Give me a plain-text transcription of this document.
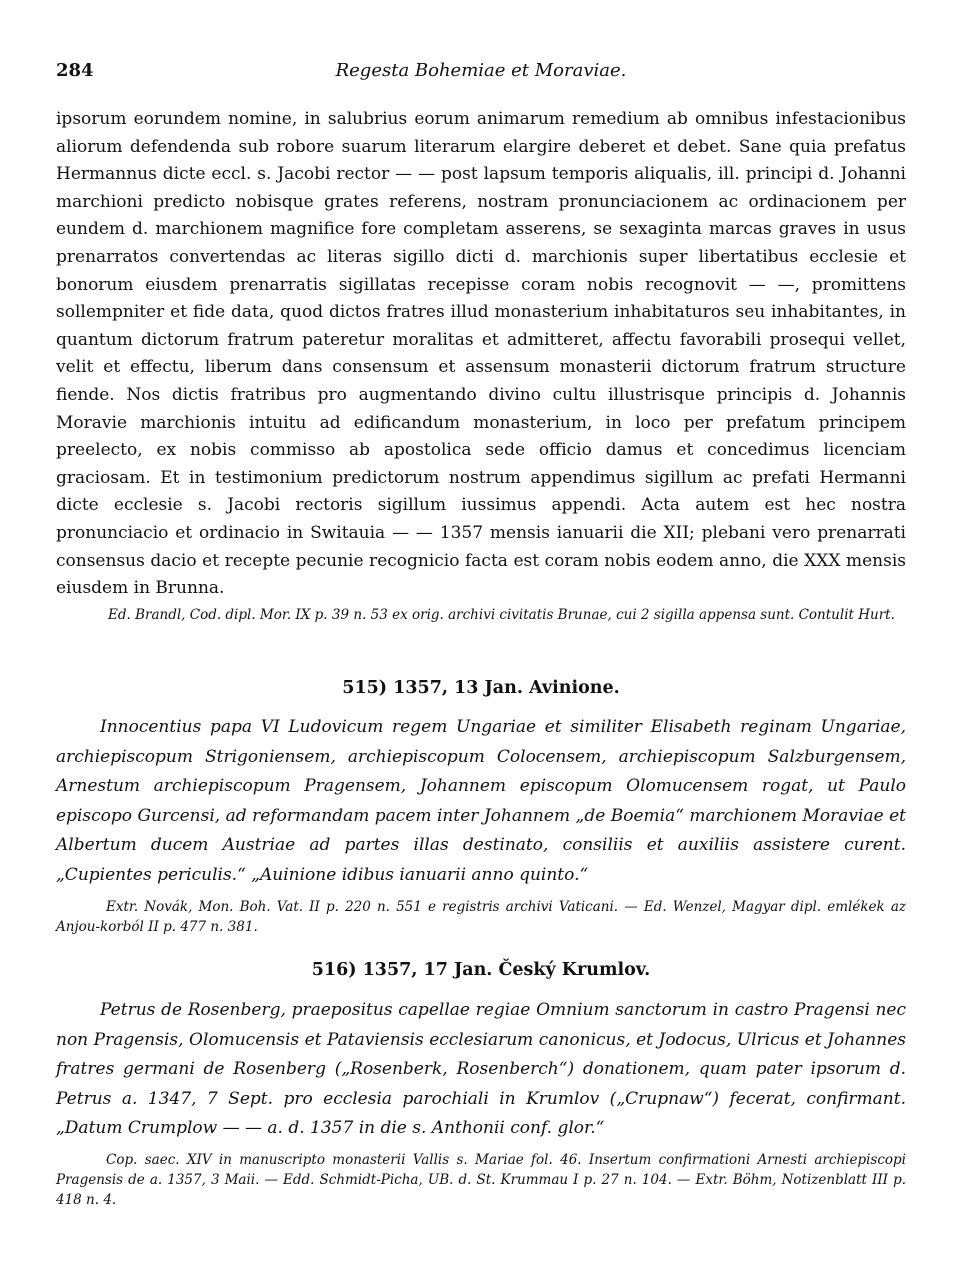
Regesta Bohemiae et Moraviae.
284

ipsorum eorundem nomine, in salubrius eorum animarum remedium ab omnibus infestacionibus aliorum defendenda sub robore suarum literarum elargire deberet et debet. Sane quia prefatus Hermannus dicte eccl. s. Jacobi rector — — post lapsum temporis aliqualis, ill. principi d. Johanni marchioni predicto nobisque grates referens, nostram pronunciacionem ac ordinacionem per eundem d. marchionem magnifice fore completam asserens, se sexaginta marcas graves in usus prenarratos convertendas ac literas sigillo dicti d. marchionis super libertatibus ecclesie et bonorum eiusdem prenarratis sigillatas recepisse coram nobis recognovit — —, promittens sollempniter et fide data, quod dictos fratres illud monasterium inhabitaturos seu inhabitantes, in quantum dictorum fratrum pateretur moralitas et admitteret, affectu favorabili prosequi vellet, velit et effectu, liberum dans consensum et assensum monasterii dictorum fratrum structure fiende. Nos dictis fratribus pro augmentando divino cultu illustrisque principis d. Johannis Moravie marchionis intuitu ad edificandum monasterium, in loco per prefatum principem preelecto, ex nobis commisso ab apostolica sede officio damus et concedimus licenciam graciosam. Et in testimonium predictorum nostrum appendimus sigillum ac prefati Hermanni dicte ecclesie s. Jacobi rectoris sigillum iussimus appendi. Acta autem est hec nostra pronunciacio et ordinacio in Switauia — — 1357 mensis ianuarii die XII; plebani vero prenarrati consensus dacio et recepte pecunie recognicio facta est coram nobis eodem anno, die XXX mensis eiusdem in Brunna.

Ed. Brandl, Cod. dipl. Mor. IX p. 39 n. 53 ex orig. archivi civitatis Brunae, cui 2 sigilla appensa sunt. Contulit Hurt.

515) 1357, 13 Jan. Avinione.

Innocentius papa VI Ludovicum regem Ungariae et similiter Elisabeth reginam Ungariae, archiepiscopum Strigoniensem, archiepiscopum Colocensem, archiepiscopum Salzburgensem, Arnestum archiepiscopum Pragensem, Johannem episcopum Olomucensem rogat, ut Paulo episcopo Gurcensi, ad reformandam pacem inter Johannem „de Boemia“ marchionem Moraviae et Albertum ducem Austriae ad partes illas destinato, consiliis et auxiliis assistere curent. „Cupientes periculis.“ „Auinione idibus ianuarii anno quinto.“

Extr. Novák, Mon. Boh. Vat. II p. 220 n. 551 e registris archivi Vaticani. — Ed. Wenzel, Magyar dipl. emlékek az Anjou-korból II p. 477 n. 381.

516) 1357, 17 Jan. Český Krumlov.

Petrus de Rosenberg, praepositus capellae regiae Omnium sanctorum in castro Pragensi nec non Pragensis, Olomucensis et Pataviensis ecclesiarum canonicus, et Jodocus, Ulricus et Johannes fratres germani de Rosenberg („Rosenberk, Rosenberch“) donationem, quam pater ipsorum d. Petrus a. 1347, 7 Sept. pro ecclesia parochiali in Krumlov („Crupnaw“) fecerat, confirmant. „Datum Crumplow — — a. d. 1357 in die s. Anthonii conf. glor.“

Cop. saec. XIV in manuscripto monasterii Vallis s. Mariae fol. 46. Insertum confirmationi Arnesti archiepiscopi Pragensis de a. 1357, 3 Maii. — Edd. Schmidt-Picha, UB. d. St. Krummau I p. 27 n. 104. — Extr. Böhm, Notizenblatt III p. 418 n. 4.
